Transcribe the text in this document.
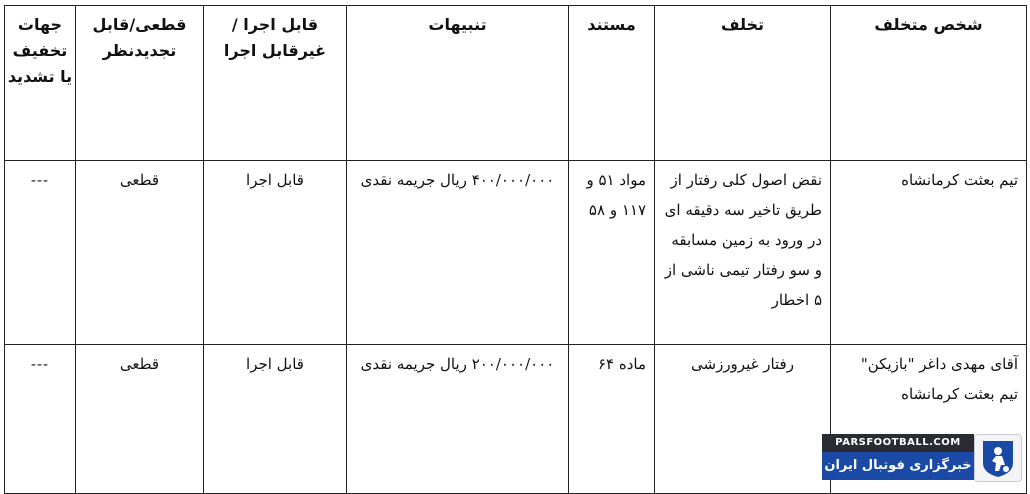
شخص متخلف	تخلف	مستند	تنبیهات	قابل اجرا /غیرقابل اجرا	قطعی/قابل تجدیدنظر	جهات تخفیف یا تشدید
تیم بعثت کرمانشاه	نقض اصول کلی رفتار از طریق تاخیر سه دقیقه ای در ورود به زمین مسابقه و سو رفتار تیمی ناشی از ۵ اخطار	مواد ۵۱ و ۱۱۷ و ۵۸	۴۰۰/۰۰۰/۰۰۰ ریال جریمه نقدی	قابل اجرا	قطعی	---
آقای مهدی داغر "بازیکن" تیم بعثت کرمانشاه	رفتار غیرورزشی	ماده ۶۴	۲۰۰/۰۰۰/۰۰۰ ریال جریمه نقدی	قابل اجرا	قطعی	---
PARSFOOTBALL.COM
خبرگزاری فوتبال ایران
